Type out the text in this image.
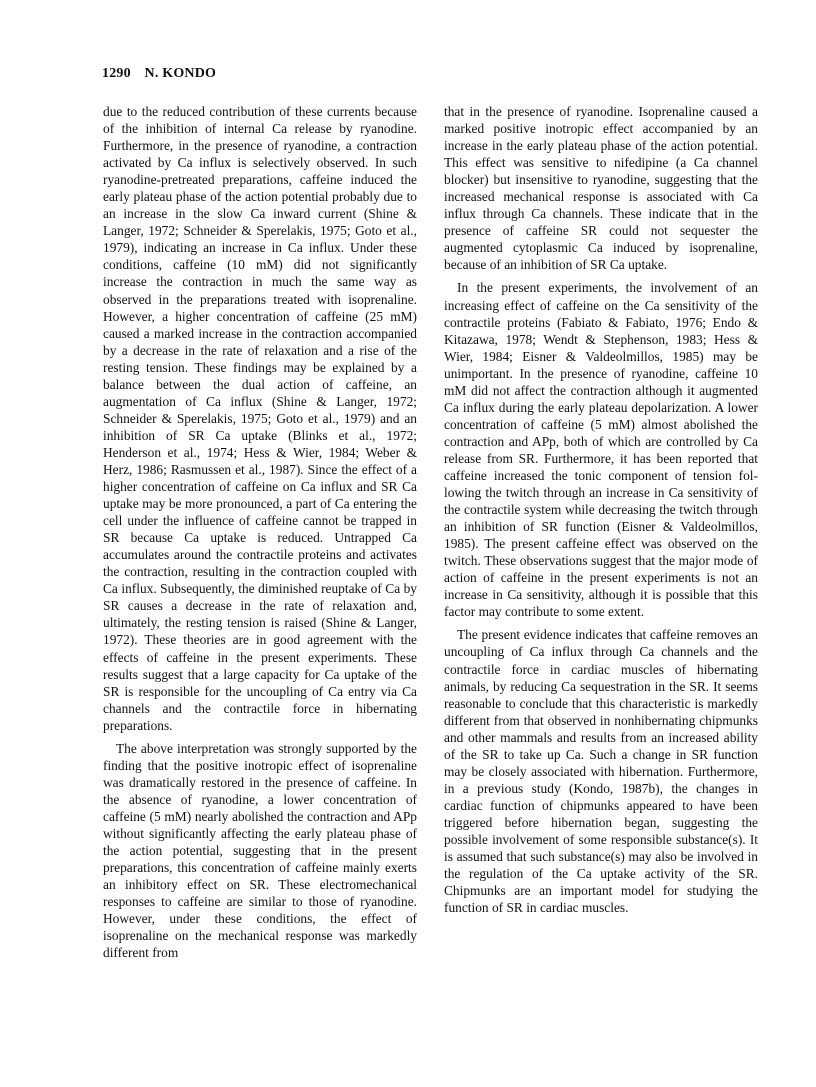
1290 N. KONDO

due to the reduced contribution of these currents because of the inhibition of internal Ca release by ryanodine. Furthermore, in the presence of ryanodine, a contraction activated by Ca influx is selectively observed. In such ryanodine-pretreated preparations, caffeine induced the early plateau phase of the action potential probably due to an increase in the slow Ca inward current (Shine & Langer, 1972; Schneider & Sperelakis, 1975; Goto et al., 1979), indicating an increase in Ca influx. Under these conditions, caffeine (10 mM) did not significantly increase the contraction in much the same way as observed in the preparations treated with isoprenaline. However, a higher concentration of caffeine (25 mM) caused a marked increase in the contraction accompanied by a decrease in the rate of relaxation and a rise of the resting tension. These findings may be explained by a balance between the dual action of caffeine, an augmentation of Ca influx (Shine & Langer, 1972; Schneider & Sperelakis, 1975; Goto et al., 1979) and an inhibition of SR Ca uptake (Blinks et al., 1972; Henderson et al., 1974; Hess & Wier, 1984; Weber & Herz, 1986; Rasmussen et al., 1987). Since the effect of a higher concentration of caffeine on Ca influx and SR Ca uptake may be more pronounced, a part of Ca entering the cell under the influence of caffeine cannot be trapped in SR because Ca uptake is reduced. Untrapped Ca accumulates around the contractile proteins and activates the contraction, resulting in the contraction coupled with Ca influx. Subsequently, the diminished reuptake of Ca by SR causes a decrease in the rate of relaxation and, ultimately, the resting tension is raised (Shine & Langer, 1972). These theories are in good agreement with the effects of caffeine in the present experiments. These results suggest that a large capacity for Ca uptake of the SR is responsible for the uncoupling of Ca entry via Ca channels and the contractile force in hibernating preparations.

The above interpretation was strongly supported by the finding that the positive inotropic effect of isoprenaline was dramatically restored in the presence of caffeine. In the absence of ryanodine, a lower concentration of caffeine (5 mM) nearly abolished the contraction and APp without significantly affecting the early plateau phase of the action potential, suggesting that in the present preparations, this concentration of caffeine mainly exerts an inhibitory effect on SR. These electromechanical responses to caffeine are similar to those of ryanodine. However, under these conditions, the effect of isoprenaline on the mechanical response was markedly different from

that in the presence of ryanodine. Isoprenaline caused a marked positive inotropic effect accompanied by an increase in the early plateau phase of the action potential. This effect was sensitive to nifedipine (a Ca channel blocker) but insensitive to ryanodine, suggesting that the increased mechanical response is associated with Ca influx through Ca channels. These indicate that in the presence of caffeine SR could not sequester the augmented cytoplasmic Ca induced by isoprenaline, because of an inhibition of SR Ca uptake.

In the present experiments, the involvement of an increasing effect of caffeine on the Ca sensitivity of the contractile proteins (Fabiato & Fabiato, 1976; Endo & Kitazawa, 1978; Wendt & Stephenson, 1983; Hess & Wier, 1984; Eisner & Valdeolmillos, 1985) may be unimportant. In the presence of ryanodine, caffeine 10 mM did not affect the contraction although it augmented Ca influx during the early plateau depolarization. A lower concentration of caffeine (5 mM) almost abolished the contraction and APp, both of which are controlled by Ca release from SR. Furthermore, it has been reported that caffeine increased the tonic component of tension following the twitch through an increase in Ca sensitivity of the contractile system while decreasing the twitch through an inhibition of SR function (Eisner & Valdeolmillos, 1985). The present caffeine effect was observed on the twitch. These observations suggest that the major mode of action of caffeine in the present experiments is not an increase in Ca sensitivity, although it is possible that this factor may contribute to some extent.

The present evidence indicates that caffeine removes an uncoupling of Ca influx through Ca channels and the contractile force in cardiac muscles of hibernating animals, by reducing Ca sequestration in the SR. It seems reasonable to conclude that this characteristic is markedly different from that observed in nonhibernating chipmunks and other mammals and results from an increased ability of the SR to take up Ca. Such a change in SR function may be closely associated with hibernation. Furthermore, in a previous study (Kondo, 1987b), the changes in cardiac function of chipmunks appeared to have been triggered before hibernation began, suggesting the possible involvement of some responsible substance(s). It is assumed that such substance(s) may also be involved in the regulation of the Ca uptake activity of the SR. Chipmunks are an important model for studying the function of SR in cardiac muscles.
